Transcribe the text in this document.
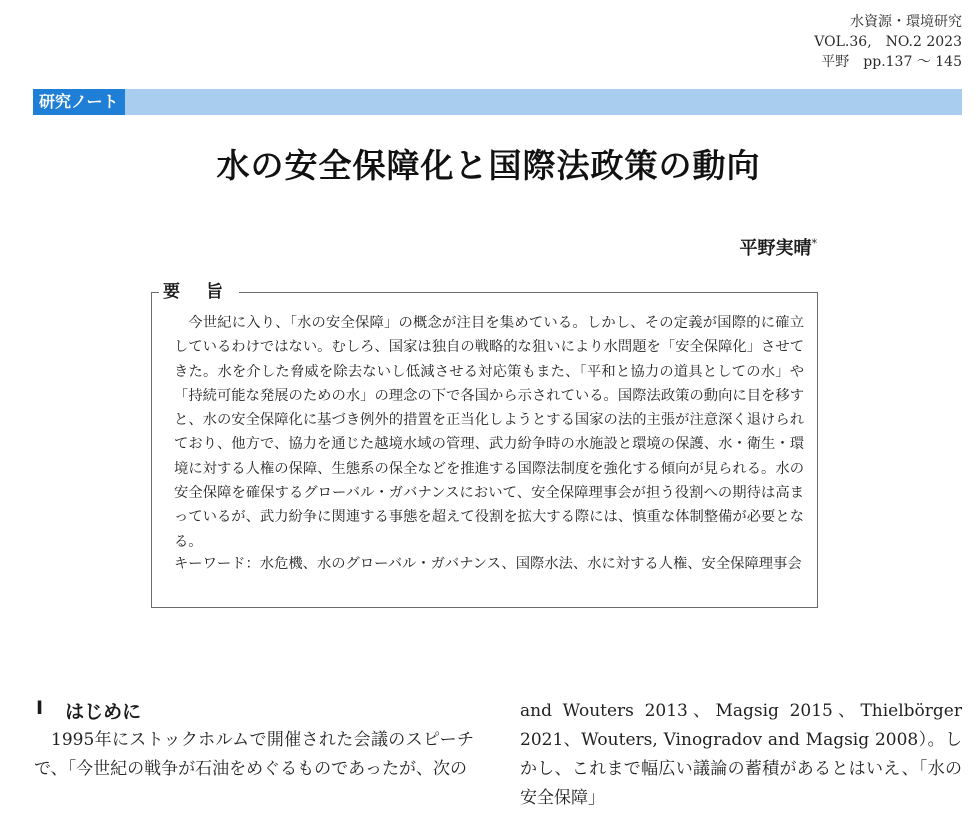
水資源・環境研究
VOL.36,　NO.2 2023
平野　pp.137 ～ 145
研究ノート
水の安全保障化と国際法政策の動向
平野実晴*
要 旨
今世紀に入り、「水の安全保障」の概念が注目を集めている。しかし、その定義が国際的に確立しているわけではない。むしろ、国家は独自の戦略的な狙いにより水問題を「安全保障化」させてきた。水を介した脅威を除去ないし低減させる対応策もまた、「平和と協力の道具としての水」や「持続可能な発展のための水」の理念の下で各国から示されている。国際法政策の動向に目を移すと、水の安全保障化に基づき例外的措置を正当化しようとする国家の法的主張が注意深く退けられており、他方で、協力を通じた越境水域の管理、武力紛争時の水施設と環境の保護、水・衛生・環境に対する人権の保障、生態系の保全などを推進する国際法制度を強化する傾向が見られる。水の安全保障を確保するグローバル・ガバナンスにおいて、安全保障理事会が担う役割への期待は高まっているが、武力紛争に関連する事態を超えて役割を拡大する際には、慎重な体制整備が必要となる。
キーワード： 水危機、水のグローバル・ガバナンス、国際水法、水に対する人権、安全保障理事会
Ⅰ はじめに
1995年にストックホルムで開催された会議のスピーチで、「今世紀の戦争が石油をめぐるものであったが、次の
and Wouters 2013、Magsig 2015、Thielbörger 2021、Wouters, Vinogradov and Magsig 2008）。しかし、これまで幅広い議論の蓄積があるとはいえ、「水の安全保障」
